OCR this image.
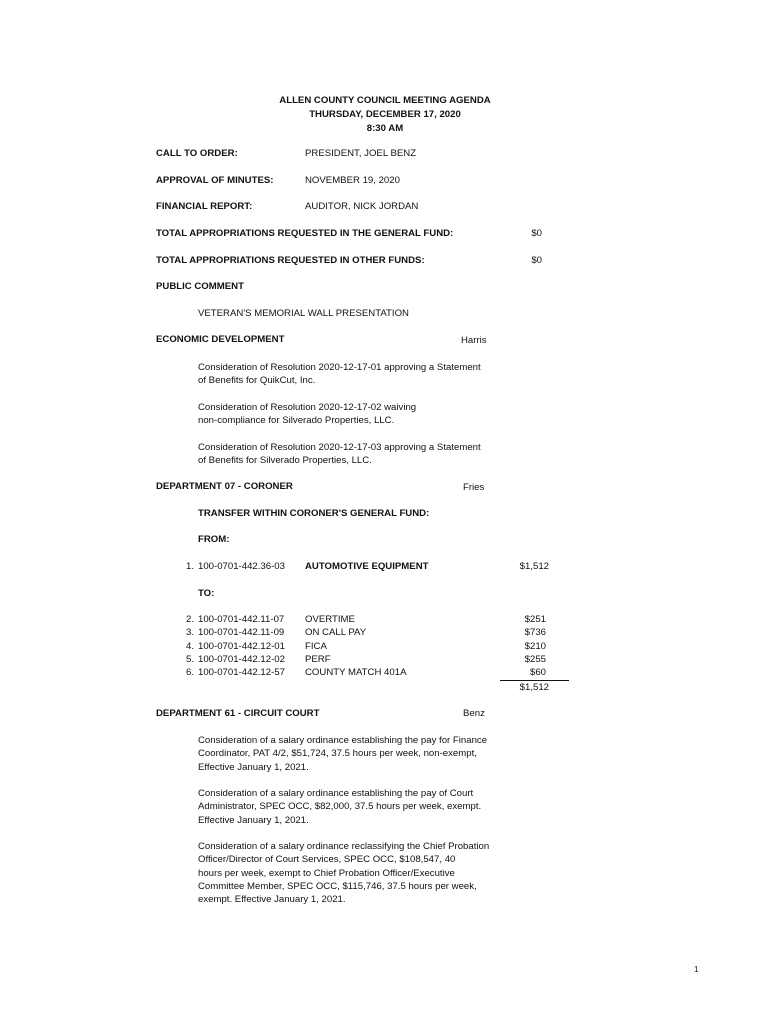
ALLEN COUNTY COUNCIL MEETING AGENDA
THURSDAY, DECEMBER 17, 2020
8:30 AM
CALL TO ORDER:	PRESIDENT, JOEL BENZ
APPROVAL OF MINUTES:	NOVEMBER 19, 2020
FINANCIAL REPORT:	AUDITOR, NICK JORDAN
TOTAL APPROPRIATIONS REQUESTED IN THE GENERAL FUND:	$0
TOTAL APPROPRIATIONS REQUESTED IN OTHER FUNDS:	$0
PUBLIC COMMENT
VETERAN'S MEMORIAL WALL PRESENTATION
ECONOMIC DEVELOPMENT	Harris
Consideration of Resolution 2020-12-17-01 approving a Statement
of Benefits for QuikCut, Inc.
Consideration of Resolution 2020-12-17-02 waiving
non-compliance for Silverado Properties, LLC.
Consideration of Resolution 2020-12-17-03 approving a Statement
of Benefits for Silverado Properties, LLC.
DEPARTMENT 07 - CORONER	Fries
TRANSFER WITHIN CORONER'S GENERAL FUND:
FROM:
1. 100-0701-442.36-03 AUTOMOTIVE EQUIPMENT	$1,512
TO:
2. 100-0701-442.11-07 OVERTIME	$251
3. 100-0701-442.11-09 ON CALL PAY	$736
4. 100-0701-442.12-01 FICA	$210
5. 100-0701-442.12-02 PERF	$255
6. 100-0701-442.12-57 COUNTY MATCH 401A	$60
$1,512
DEPARTMENT 61 - CIRCUIT COURT	Benz
Consideration of a salary ordinance establishing the pay for Finance
Coordinator, PAT 4/2, $51,724, 37.5 hours per week, non-exempt,
Effective January 1, 2021.
Consideration of a salary ordinance establishing the pay of Court
Administrator, SPEC OCC, $82,000, 37.5 hours per week, exempt.
Effective January 1, 2021.
Consideration of a salary ordinance reclassifying the Chief Probation
Officer/Director of Court Services, SPEC OCC, $108,547, 40
hours per week, exempt to Chief Probation Officer/Executive
Committee Member, SPEC OCC, $115,746, 37.5 hours per week,
exempt. Effective January 1, 2021.
1
